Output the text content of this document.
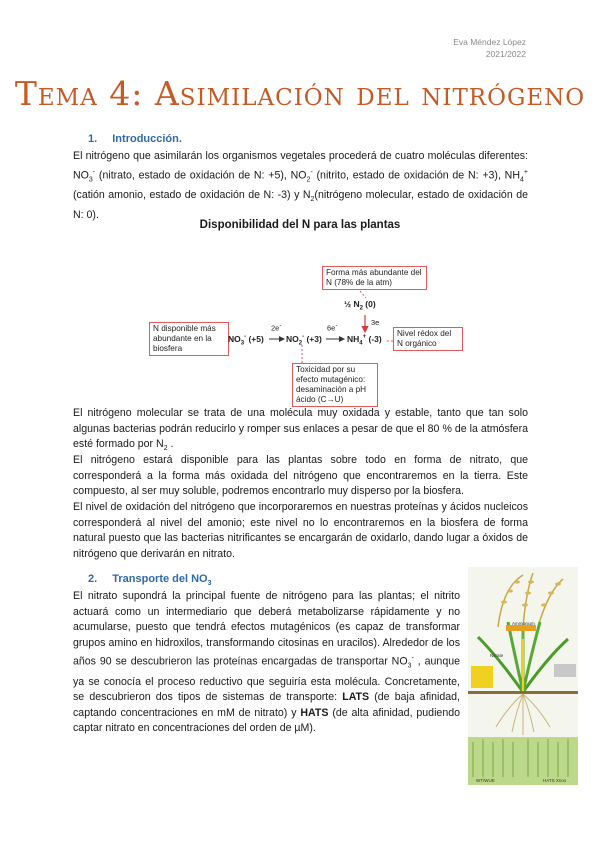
Eva Méndez López
2021/2022
Tema 4: Asimilación del nitrógeno
1. Introducción.
El nitrógeno que asimilarán los organismos vegetales procederá de cuatro moléculas diferentes: $NO_3^-$ (nitrato, estado de oxidación de N: +5), $NO_2^-$ (nitrito, estado de oxidación de N: +3), $NH_4^+(catión$ amonio, estado de oxidación de N: -3) y $N_2(nitrógeno$ molecular, estado de oxidación de N: 0).
Disponibilidad del N para las plantas
Forma más abundante del N (78% de la atm)
½ $N_2$ (0)
3e
N disponible más abundante en la biosfera
2e-	6e-
$NO_3^-$ (+5)	$NO_2^-$ (+3)	$NH_4^+$ (-3)
Nivel rédox del N orgánico
Toxicidad por su efecto mutagénico: desaminación a pH ácido (C→U)
El nitrógeno molecular se trata de una molécula muy oxidada y estable, tanto que tan solo algunas bacterias podrán reducirlo y romper sus enlaces a pesar de que el 80 % de la atmósfera esté formado por $N_2$ .
El nitrógeno estará disponible para las plantas sobre todo en forma de nitrato, que corresponderá a la forma más oxidada del nitrógeno que encontraremos en la tierra. Este compuesto, al ser muy soluble, podremos encontrarlo muy disperso por la biosfera.
El nivel de oxidación del nitrógeno que incorporaremos en nuestras proteínas y ácidos nucleicos corresponderá al nivel del amonio; este nivel no lo encontraremos en la biosfera de forma natural puesto que las bacterias nitrificantes se encargarán de oxidarlo, dando lugar a óxidos de nitrógeno que derivarán en nitrato.
2. Transporte del $NO_3$
El nitrato supondrá la principal fuente de nitrógeno para las plantas; el nitrito actuará como un intermediario que deberá metabolizarse rápidamente y no acumularse, puesto que tendrá efectos mutagénicos (es capaz de transformar grupos amino en hidroxilos, transformando citosinas en uracilos). Alrededor de los años 90 se descubrieron las proteínas encargadas de transportar $NO_3^-$ , aunque ya se conocía el proceso reductivo que seguiría esta molécula. Concretamente, se descubrieron dos tipos de sistemas de transporte: LATS (de baja afinidad, captando concentraciones en mM de nitrato) y HATS (de alta afinidad, pudiendo captar nitrato en concentraciones del orden de µM).
Ammonium
Nitrate
WT/WUE	HATS Xnox
